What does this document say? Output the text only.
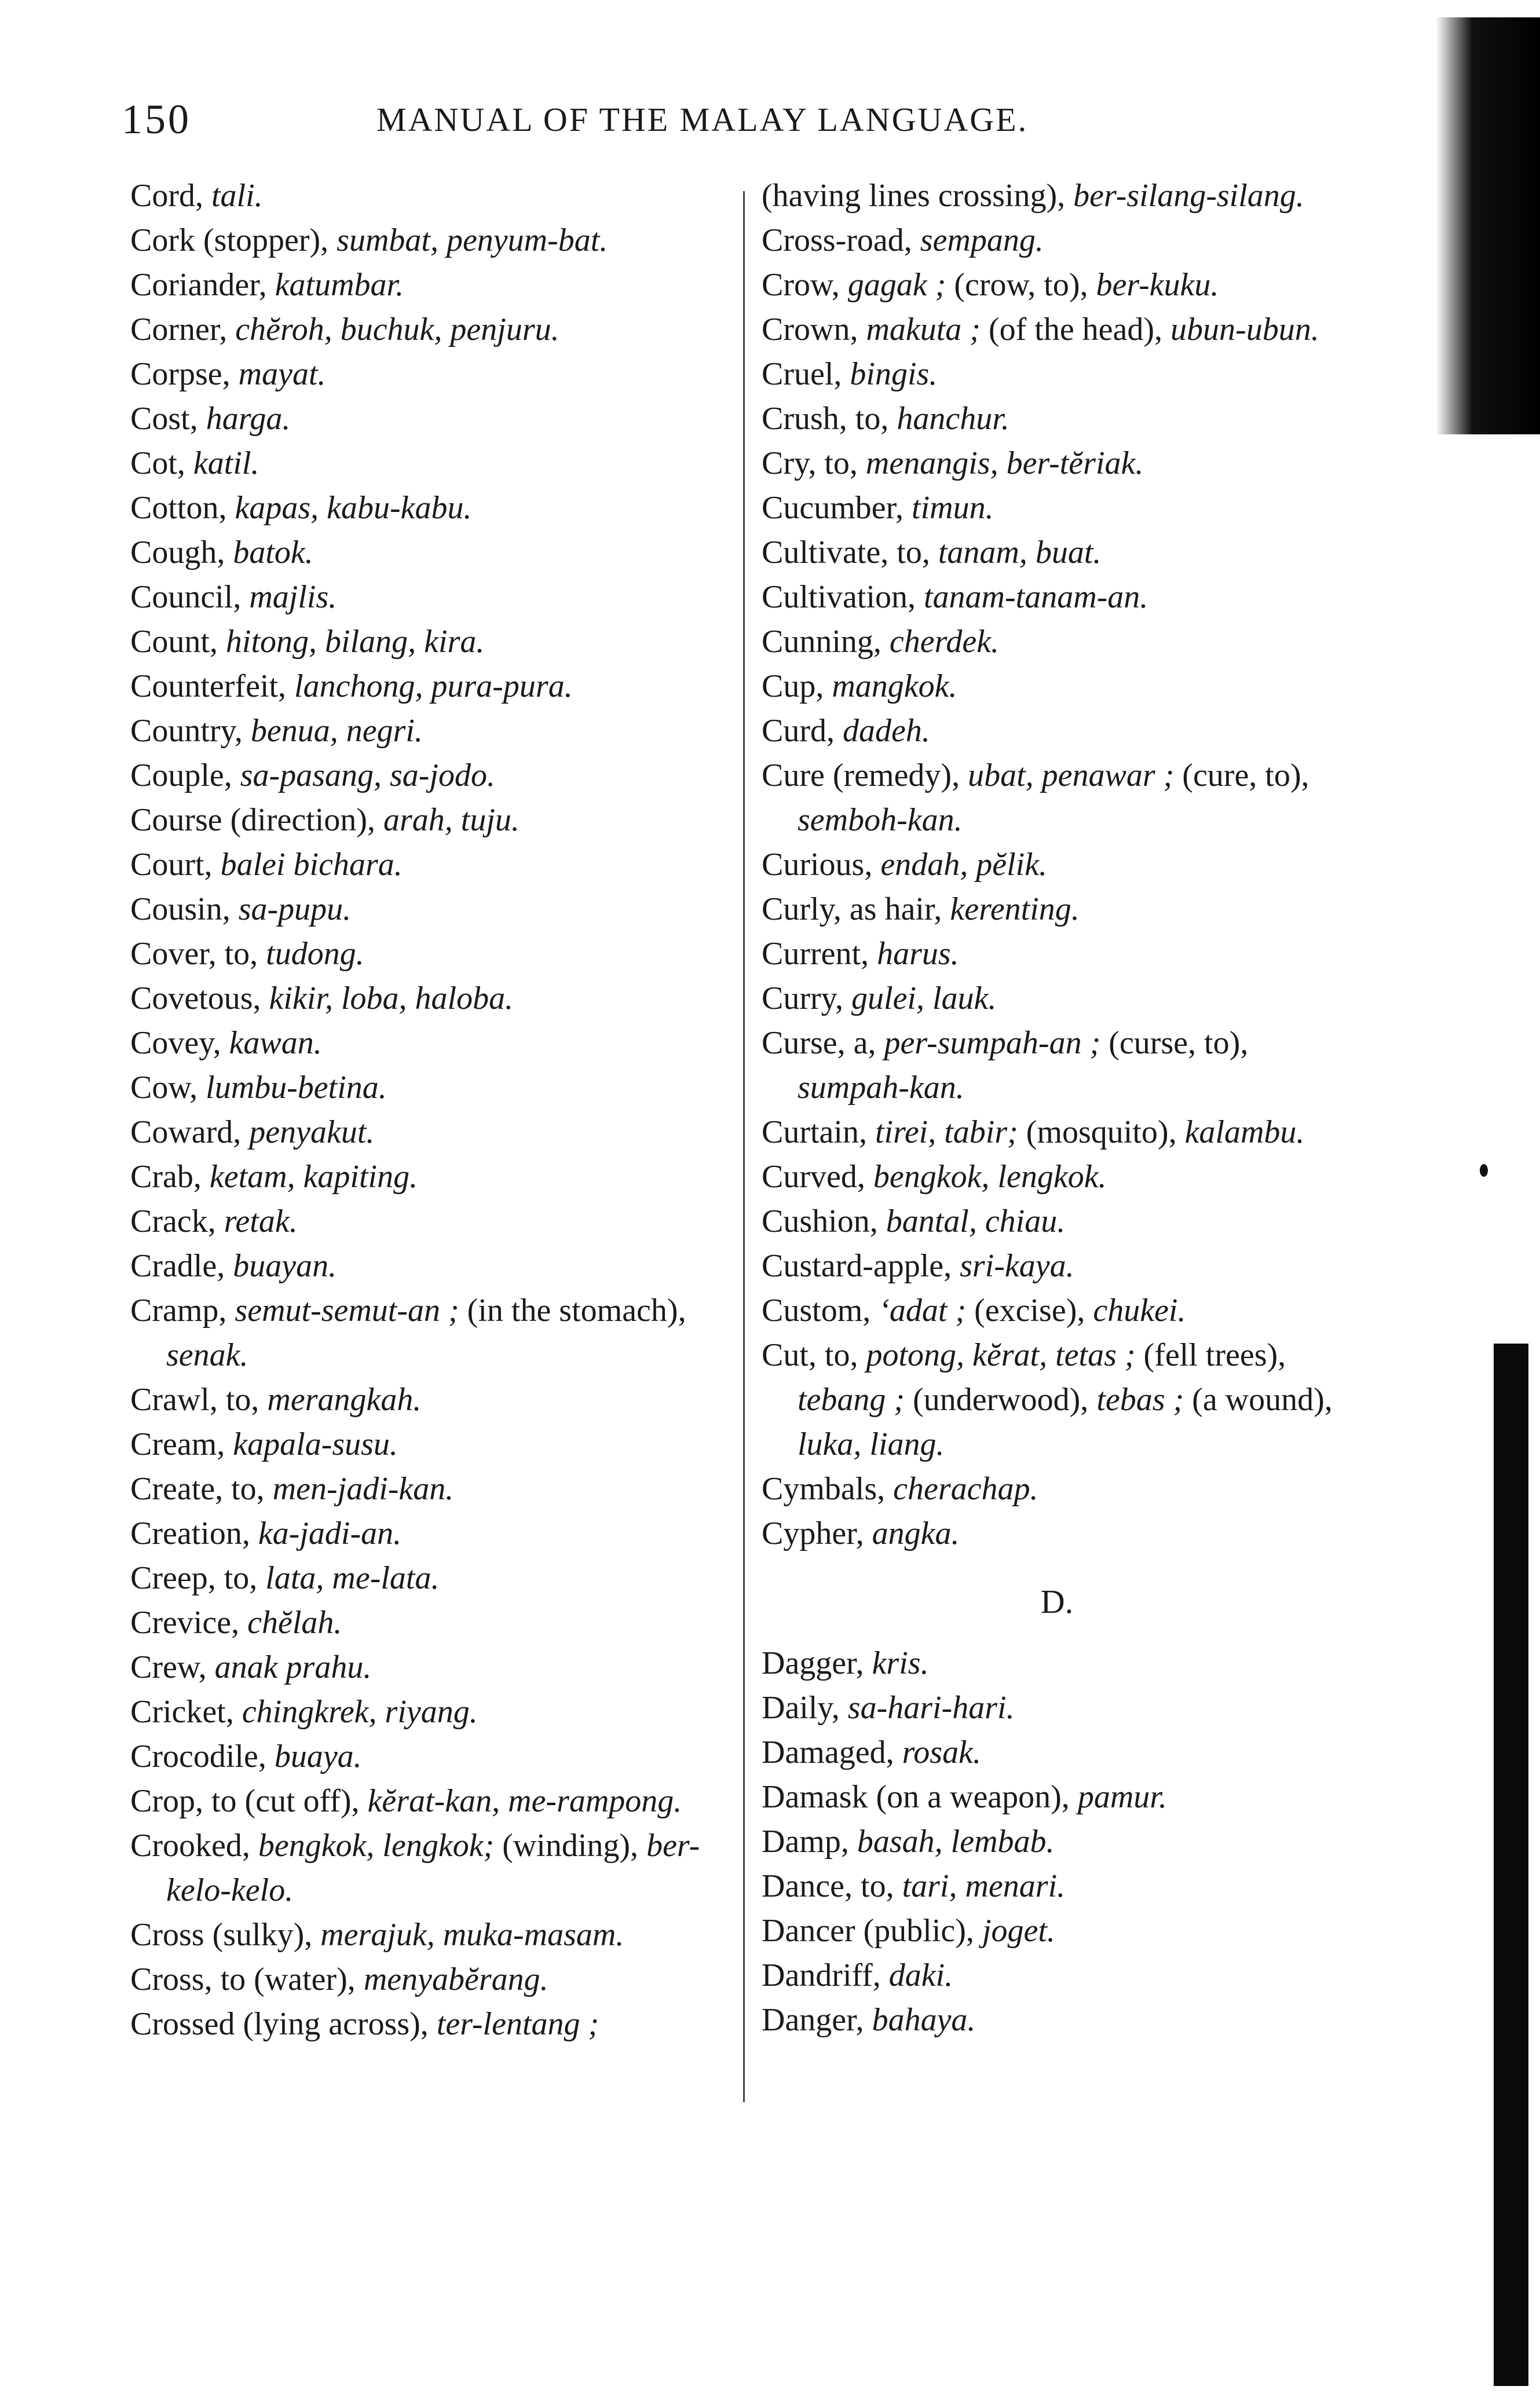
150	MANUAL OF THE MALAY LANGUAGE.

Cord, tali.

Cork (stopper), sumbat, penyum-bat.

Coriander, katumbar.

Corner, chĕroh, buchuk, penjuru.

Corpse, mayat.

Cost, harga.

Cot, katil.

Cotton, kapas, kabu-kabu.

Cough, batok.

Council, majlis.

Count, hitong, bilang, kira.

Counterfeit, lanchong, pura-pura.

Country, benua, negri.

Couple, sa-pasang, sa-jodo.

Course (direction), arah, tuju.

Court, balei bichara.

Cousin, sa-pupu.

Cover, to, tudong.

Covetous, kikir, loba, haloba.

Covey, kawan.

Cow, lumbu-betina.

Coward, penyakut.

Crab, ketam, kapiting.

Crack, retak.

Cradle, buayan.

Cramp, semut-semut-an ; (in the stomach), senak.

Crawl, to, merangkah.

Cream, kapala-susu.

Create, to, men-jadi-kan.

Creation, ka-jadi-an.

Creep, to, lata, me-lata.

Crevice, chĕlah.

Crew, anak prahu.

Cricket, chingkrek, riyang.

Crocodile, buaya.

Crop, to (cut off), kĕrat-kan, me-rampong.

Crooked, bengkok, lengkok; (winding), ber-kelo-kelo.

Cross (sulky), merajuk, muka-masam.

Cross, to (water), menyabĕrang.

Crossed (lying across), ter-lentang ;

(having lines crossing), ber-silang-silang.

Cross-road, sempang.

Crow, gagak ; (crow, to), ber-kuku.

Crown, makuta ; (of the head), ubun-ubun.

Cruel, bingis.

Crush, to, hanchur.

Cry, to, menangis, ber-tĕriak.

Cucumber, timun.

Cultivate, to, tanam, buat.

Cultivation, tanam-tanam-an.

Cunning, cherdek.

Cup, mangkok.

Curd, dadeh.

Cure (remedy), ubat, penawar ; (cure, to), semboh-kan.

Curious, endah, pĕlik.

Curly, as hair, kerenting.

Current, harus.

Curry, gulei, lauk.

Curse, a, per-sumpah-an ; (curse, to), sumpah-kan.

Curtain, tirei, tabir; (mosquito), kalambu.

Curved, bengkok, lengkok.

Cushion, bantal, chiau.

Custard-apple, sri-kaya.

Custom, ‘adat ; (excise), chukei.

Cut, to, potong, kĕrat, tetas ; (fell trees), tebang ; (underwood), tebas ; (a wound), luka, liang.

Cymbals, cherachap.

Cypher, angka.

D.

Dagger, kris.

Daily, sa-hari-hari.

Damaged, rosak.

Damask (on a weapon), pamur.

Damp, basah, lembab.

Dance, to, tari, menari.

Dancer (public), joget.

Dandriff, daki.

Danger, bahaya.
